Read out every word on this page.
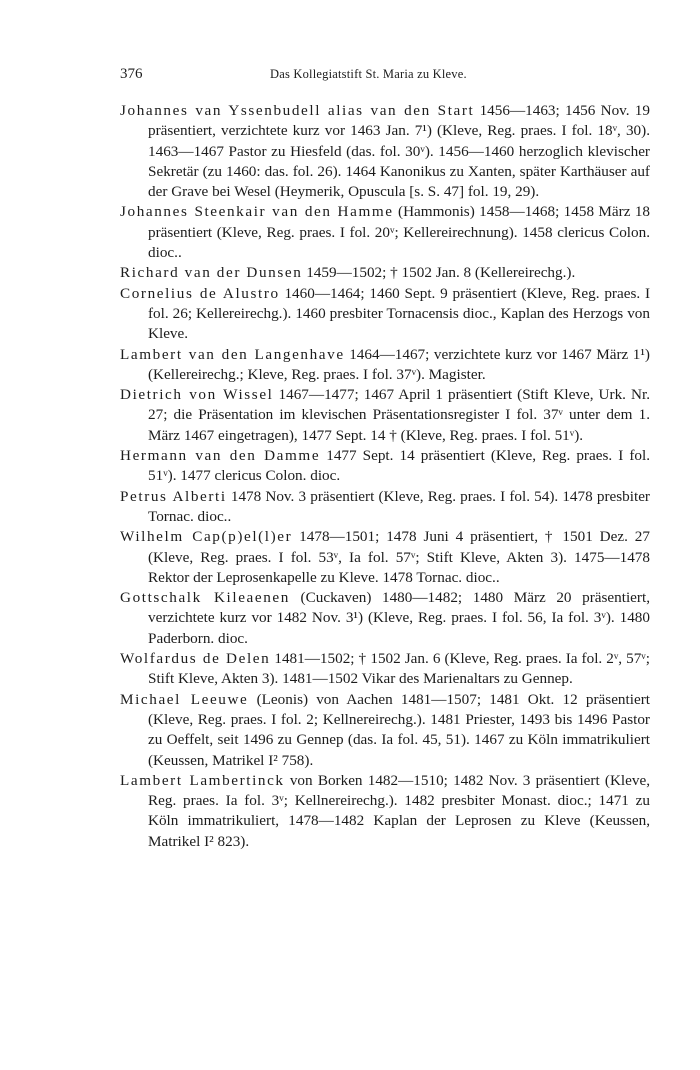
376	Das Kollegiatstift St. Maria zu Kleve.

Johannes van Yssenbudell alias van den Start 1456—1463; 1456 Nov. 19 präsentiert, verzichtete kurz vor 1463 Jan. 7¹) (Kleve, Reg. praes. I fol. 18ᵛ, 30). 1463—1467 Pastor zu Hiesfeld (das. fol. 30ᵛ). 1456—1460 herzoglich klevischer Sekretär (zu 1460: das. fol. 26). 1464 Kanonikus zu Xanten, später Karthäuser auf der Grave bei Wesel (Heymerik, Opuscula [s. S. 47] fol. 19, 29).

Johannes Steenkair van den Hamme (Hammonis) 1458—1468; 1458 März 18 präsentiert (Kleve, Reg. praes. I fol. 20ᵛ; Kellereirechnung). 1458 clericus Colon. dioc..

Richard van der Dunsen 1459—1502; † 1502 Jan. 8 (Kellereirechg.).

Cornelius de Alustro 1460—1464; 1460 Sept. 9 präsentiert (Kleve, Reg. praes. I fol. 26; Kellereirechg.). 1460 presbiter Tornacensis dioc., Kaplan des Herzogs von Kleve.

Lambert van den Langenhave 1464—1467; verzichtete kurz vor 1467 März 1¹) (Kellereirechg.; Kleve, Reg. praes. I fol. 37ᵛ). Magister.

Dietrich von Wissel 1467—1477; 1467 April 1 präsentiert (Stift Kleve, Urk. Nr. 27; die Präsentation im klevischen Präsentationsregister I fol. 37ᵛ unter dem 1. März 1467 eingetragen), 1477 Sept. 14 † (Kleve, Reg. praes. I fol. 51ᵛ).

Hermann van den Damme 1477 Sept. 14 präsentiert (Kleve, Reg. praes. I fol. 51ᵛ). 1477 clericus Colon. dioc.

Petrus Alberti 1478 Nov. 3 präsentiert (Kleve, Reg. praes. I fol. 54). 1478 presbiter Tornac. dioc..

Wilhelm Cap(p)el(l)er 1478—1501; 1478 Juni 4 präsentiert, † 1501 Dez. 27 (Kleve, Reg. praes. I fol. 53ᵛ, Ia fol. 57ᵛ; Stift Kleve, Akten 3). 1475—1478 Rektor der Leprosenkapelle zu Kleve. 1478 Tornac. dioc..

Gottschalk Kileaenen (Cuckaven) 1480—1482; 1480 März 20 präsentiert, verzichtete kurz vor 1482 Nov. 3¹) (Kleve, Reg. praes. I fol. 56, Ia fol. 3ᵛ). 1480 Paderborn. dioc.

Wolfardus de Delen 1481—1502; † 1502 Jan. 6 (Kleve, Reg. praes. Ia fol. 2ᵛ, 57ᵛ; Stift Kleve, Akten 3). 1481—1502 Vikar des Marienaltars zu Gennep.

Michael Leeuwe (Leonis) von Aachen 1481—1507; 1481 Okt. 12 präsentiert (Kleve, Reg. praes. I fol. 2; Kellnereirechg.). 1481 Priester, 1493 bis 1496 Pastor zu Oeffelt, seit 1496 zu Gennep (das. Ia fol. 45, 51). 1467 zu Köln immatrikuliert (Keussen, Matrikel I² 758).

Lambert Lambertinck von Borken 1482—1510; 1482 Nov. 3 präsentiert (Kleve, Reg. praes. Ia fol. 3ᵛ; Kellnereirechg.). 1482 presbiter Monast. dioc.; 1471 zu Köln immatrikuliert, 1478—1482 Kaplan der Leprosen zu Kleve (Keussen, Matrikel I² 823).
